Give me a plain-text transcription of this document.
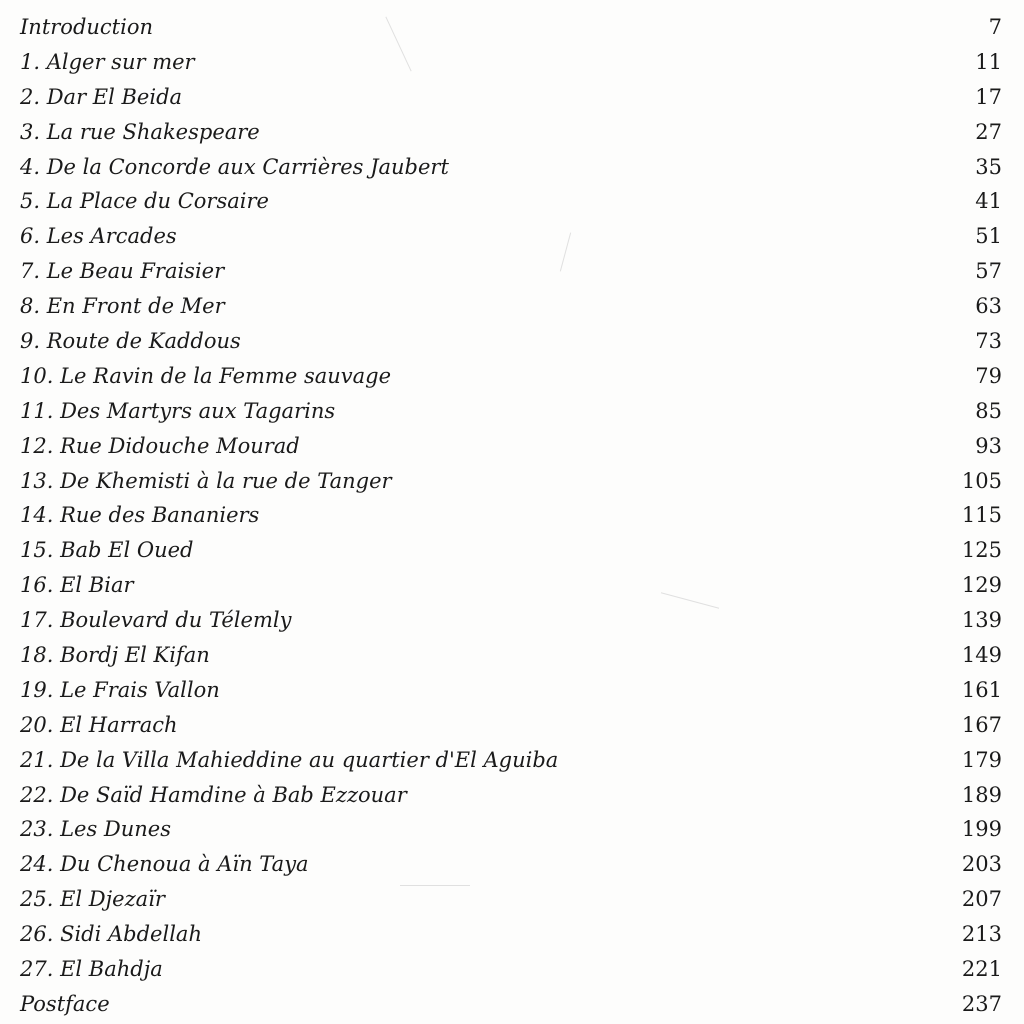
Introduction	7
1. Alger sur mer	11
2. Dar El Beida	17
3. La rue Shakespeare	27
4. De la Concorde aux Carrières Jaubert	35
5. La Place du Corsaire	41
6. Les Arcades	51
7. Le Beau Fraisier	57
8. En Front de Mer	63
9. Route de Kaddous	73
10. Le Ravin de la Femme sauvage	79
11. Des Martyrs aux Tagarins	85
12. Rue Didouche Mourad	93
13. De Khemisti à la rue de Tanger	105
14. Rue des Bananiers	115
15. Bab El Oued	125
16. El Biar	129
17. Boulevard du Télemly	139
18. Bordj El Kifan	149
19. Le Frais Vallon	161
20. El Harrach	167
21. De la Villa Mahieddine au quartier d'El Aguiba	179
22. De Saïd Hamdine à Bab Ezzouar	189
23. Les Dunes	199
24. Du Chenoua à Aïn Taya	203
25. El Djezaïr	207
26. Sidi Abdellah	213
27. El Bahdja	221
Postface	237
